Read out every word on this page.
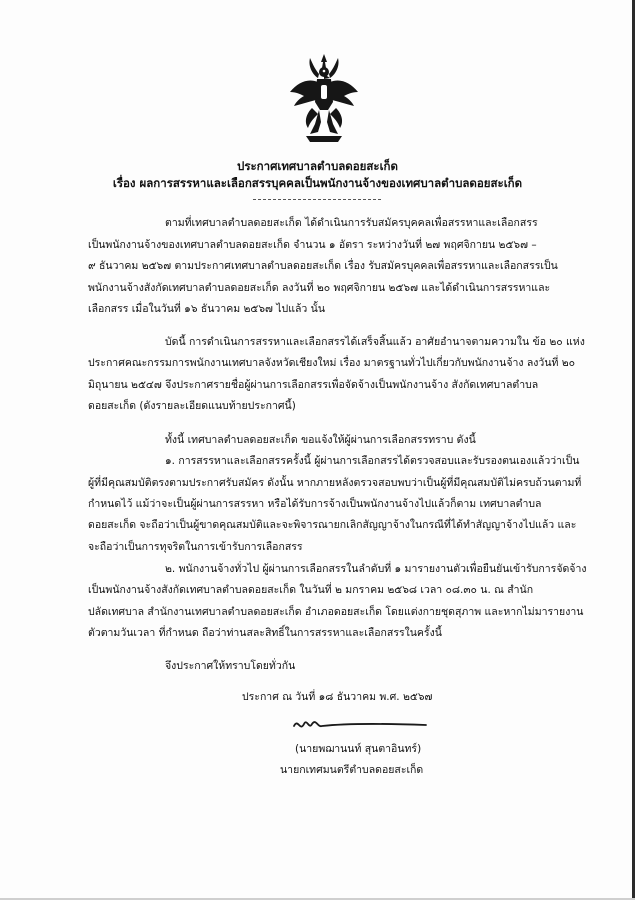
ประกาศเทศบาลตำบลดอยสะเก็ด
เรื่อง ผลการสรรหาและเลือกสรรบุคคลเป็นพนักงานจ้างของเทศบาลตำบลดอยสะเก็ด
ตามที่เทศบาลตำบลดอยสะเก็ด ได้ดำเนินการรับสมัครบุคคลเพื่อสรรหาและเลือกสรร
เป็นพนักงานจ้างของเทศบาลตำบลดอยสะเก็ด จำนวน ๑ อัตรา ระหว่างวันที่ ๒๗ พฤศจิกายน ๒๕๖๗ –
๙ ธันวาคม ๒๕๖๗ ตามประกาศเทศบาลตำบลดอยสะเก็ด เรื่อง รับสมัครบุคคลเพื่อสรรหาและเลือกสรรเป็น
พนักงานจ้างสังกัดเทศบาลตำบลดอยสะเก็ด ลงวันที่ ๒๐ พฤศจิกายน ๒๕๖๗ และได้ดำเนินการสรรหาและ
เลือกสรร เมื่อในวันที่ ๑๖ ธันวาคม ๒๕๖๗ ไปแล้ว นั้น
บัดนี้ การดำเนินการสรรหาและเลือกสรรได้เสร็จสิ้นแล้ว อาศัยอำนาจตามความใน ข้อ ๒๐ แห่ง
ประกาศคณะกรรมการพนักงานเทศบาลจังหวัดเชียงใหม่ เรื่อง มาตรฐานทั่วไปเกี่ยวกับพนักงานจ้าง ลงวันที่ ๒๐
มิถุนายน ๒๕๔๗ จึงประกาศรายชื่อผู้ผ่านการเลือกสรรเพื่อจัดจ้างเป็นพนักงานจ้าง สังกัดเทศบาลตำบล
ดอยสะเก็ด (ดังรายละเอียดแนบท้ายประกาศนี้)
ทั้งนี้ เทศบาลตำบลดอยสะเก็ด ขอแจ้งให้ผู้ผ่านการเลือกสรรทราบ ดังนี้
๑. การสรรหาและเลือกสรรครั้งนี้ ผู้ผ่านการเลือกสรรได้ตรวจสอบและรับรองตนเองแล้วว่าเป็น
ผู้ที่มีคุณสมบัติตรงตามประกาศรับสมัคร ดังนั้น หากภายหลังตรวจสอบพบว่าเป็นผู้ที่มีคุณสมบัติไม่ครบถ้วนตามที่
กำหนดไว้ แม้ว่าจะเป็นผู้ผ่านการสรรหา หรือได้รับการจ้างเป็นพนักงานจ้างไปแล้วก็ตาม เทศบาลตำบล
ดอยสะเก็ด จะถือว่าเป็นผู้ขาดคุณสมบัติและจะพิจารณายกเลิกสัญญาจ้างในกรณีที่ได้ทำสัญญาจ้างไปแล้ว และ
จะถือว่าเป็นการทุจริตในการเข้ารับการเลือกสรร
๒. พนักงานจ้างทั่วไป ผู้ผ่านการเลือกสรรในลำดับที่ ๑ มารายงานตัวเพื่อยืนยันเข้ารับการจัดจ้าง
เป็นพนักงานจ้างสังกัดเทศบาลตำบลดอยสะเก็ด ในวันที่ ๒ มกราคม ๒๕๖๘ เวลา ๐๘.๓๐ น. ณ สำนัก
ปลัดเทศบาล สำนักงานเทศบาลตำบลดอยสะเก็ด อำเภอดอยสะเก็ด โดยแต่งกายชุดสุภาพ และหากไม่มารายงาน
ตัวตามวันเวลา ที่กำหนด ถือว่าท่านสละสิทธิ์ในการสรรหาและเลือกสรรในครั้งนี้
จึงประกาศให้ทราบโดยทั่วกัน
ประกาศ ณ วันที่ ๑๘ ธันวาคม พ.ศ. ๒๕๖๗
(นายพฌานนท์ สุนตาอินทร์)
นายกเทศมนตรีตำบลดอยสะเก็ด
